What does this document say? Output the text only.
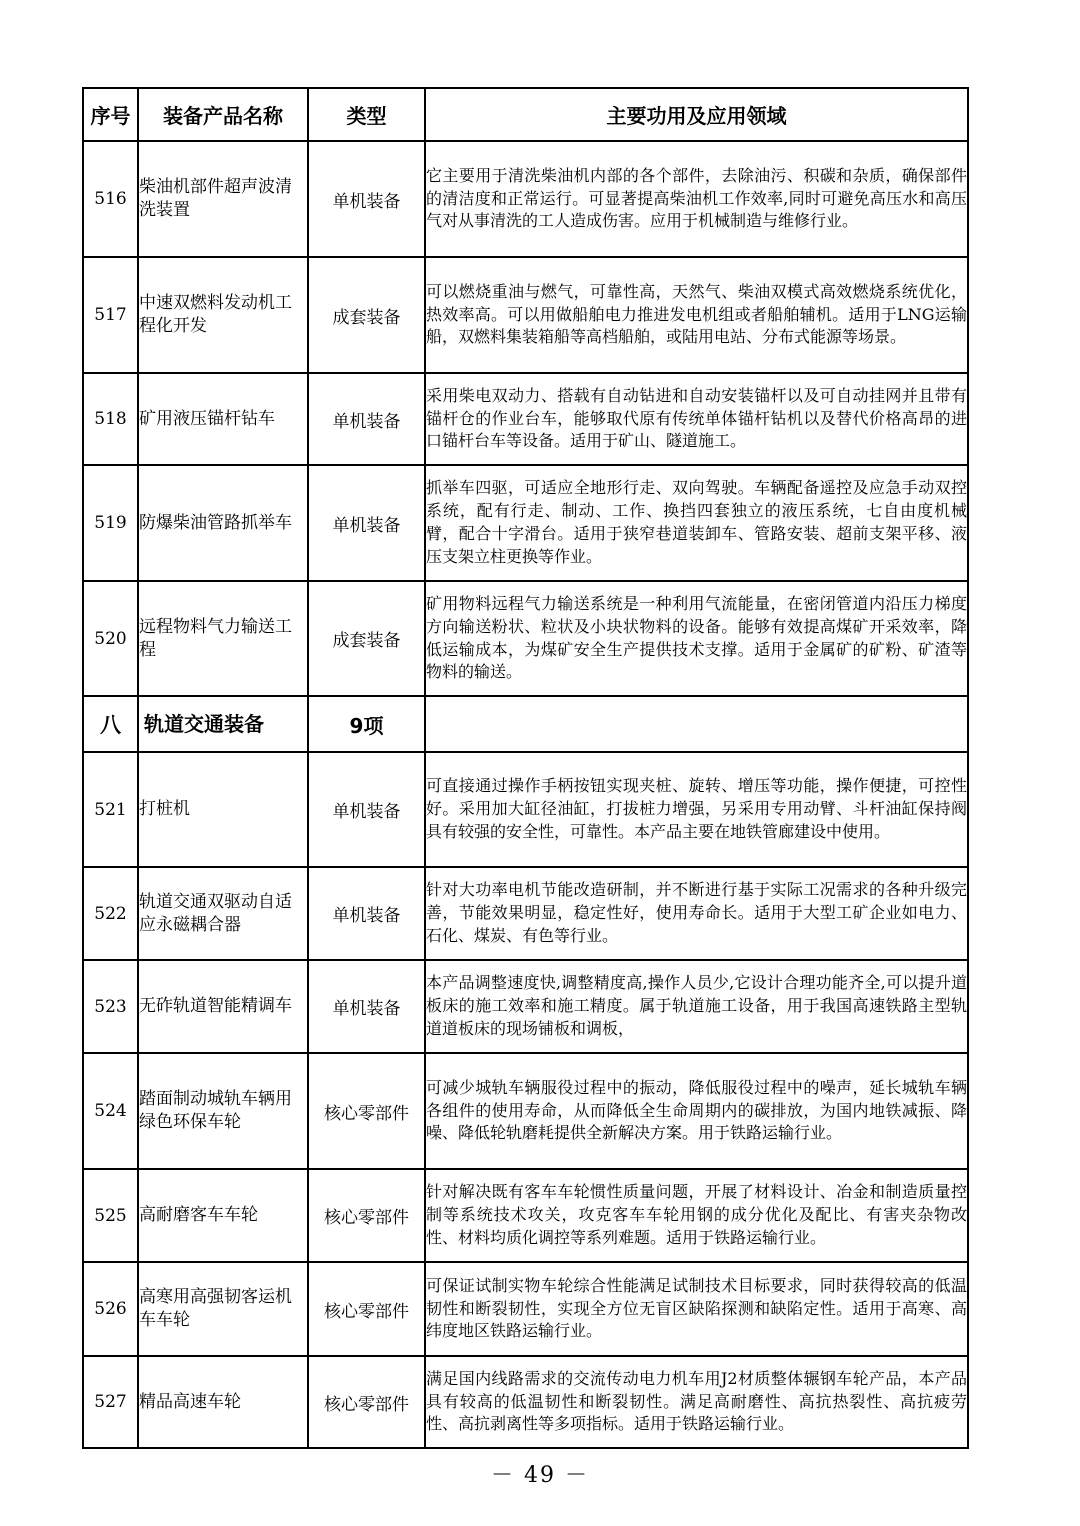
序号	装备产品名称	类型	主要功用及应用领域
516	柴油机部件超声波清洗装置	单机装备	它主要用于清洗柴油机内部的各个部件，去除油污、积碳和杂质，确保部件的清洁度和正常运行。可显著提高柴油机工作效率,同时可避免高压水和高压气对从事清洗的工人造成伤害。应用于机械制造与维修行业。
517	中速双燃料发动机工程化开发	成套装备	可以燃烧重油与燃气，可靠性高，天然气、柴油双模式高效燃烧系统优化，热效率高。可以用做船舶电力推进发电机组或者船舶辅机。适用于LNG运输船，双燃料集装箱船等高档船舶，或陆用电站、分布式能源等场景。
518	矿用液压锚杆钻车	单机装备	采用柴电双动力、搭载有自动钻进和自动安装锚杆以及可自动挂网并且带有锚杆仓的作业台车，能够取代原有传统单体锚杆钻机以及替代价格高昂的进口锚杆台车等设备。适用于矿山、隧道施工。
519	防爆柴油管路抓举车	单机装备	抓举车四驱，可适应全地形行走、双向驾驶。车辆配备遥控及应急手动双控系统，配有行走、制动、工作、换挡四套独立的液压系统，七自由度机械臂，配合十字滑台。适用于狭窄巷道装卸车、管路安装、超前支架平移、液压支架立柱更换等作业。
520	远程物料气力输送工程	成套装备	矿用物料远程气力输送系统是一种利用气流能量，在密闭管道内沿压力梯度方向输送粉状、粒状及小块状物料的设备。能够有效提高煤矿开采效率，降低运输成本，为煤矿安全生产提供技术支撑。适用于金属矿的矿粉、矿渣等物料的输送。
八	轨道交通装备	9项	
521	打桩机	单机装备	可直接通过操作手柄按钮实现夹桩、旋转、增压等功能，操作便捷，可控性好。采用加大缸径油缸，打拔桩力增强，另采用专用动臂、斗杆油缸保持阀具有较强的安全性，可靠性。本产品主要在地铁管廊建设中使用。
522	轨道交通双驱动自适应永磁耦合器	单机装备	针对大功率电机节能改造研制，并不断进行基于实际工况需求的各种升级完善，节能效果明显，稳定性好，使用寿命长。适用于大型工矿企业如电力、石化、煤炭、有色等行业。
523	无砟轨道智能精调车	单机装备	本产品调整速度快,调整精度高,操作人员少,它设计合理功能齐全,可以提升道板床的施工效率和施工精度。属于轨道施工设备，用于我国高速铁路主型轨道道板床的现场铺板和调板，
524	踏面制动城轨车辆用绿色环保车轮	核心零部件	可减少城轨车辆服役过程中的振动，降低服役过程中的噪声，延长城轨车辆各组件的使用寿命，从而降低全生命周期内的碳排放，为国内地铁减振、降噪、降低轮轨磨耗提供全新解决方案。用于铁路运输行业。
525	高耐磨客车车轮	核心零部件	针对解决既有客车车轮惯性质量问题，开展了材料设计、冶金和制造质量控制等系统技术攻关，攻克客车车轮用钢的成分优化及配比、有害夹杂物改性、材料均质化调控等系列难题。适用于铁路运输行业。
526	高寒用高强韧客运机车车轮	核心零部件	可保证试制实物车轮综合性能满足试制技术目标要求，同时获得较高的低温韧性和断裂韧性，实现全方位无盲区缺陷探测和缺陷定性。适用于高寒、高纬度地区铁路运输行业。
527	精品高速车轮	核心零部件	满足国内线路需求的交流传动电力机车用J2材质整体辗钢车轮产品，本产品具有较高的低温韧性和断裂韧性。满足高耐磨性、高抗热裂性、高抗疲劳性、高抗剥离性等多项指标。适用于铁路运输行业。
－ 49 －
